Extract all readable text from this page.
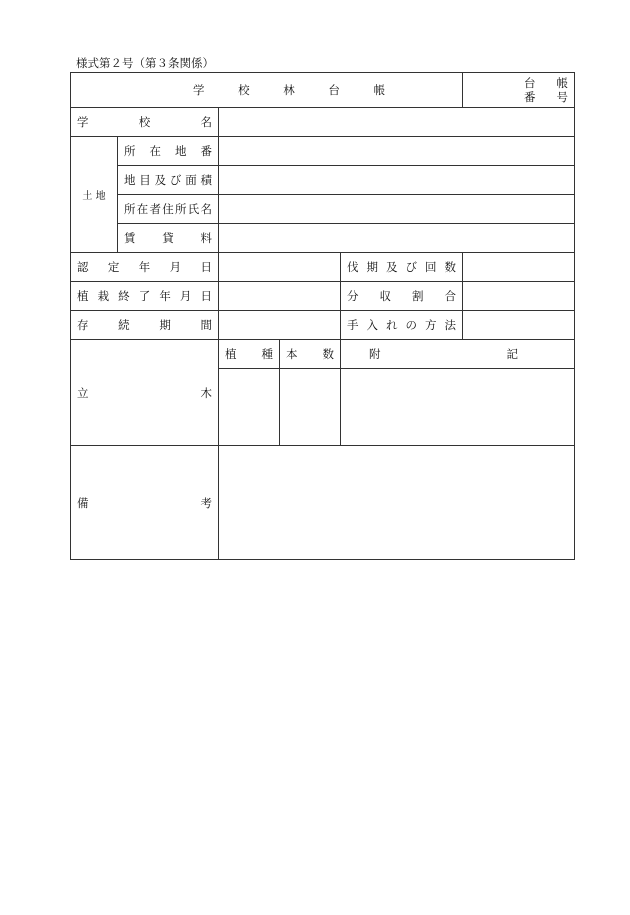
様式第２号（第３条関係）
学 校 林 台 帳					台　帳
番　号
学　　校　　名					
土 地	所 在 地 番				
	地目及び面積				
	所在者住所氏名				
	賃　貸　料				
認 定 年 月 日				伐期及び回数	
植栽終了年月日				分 収 割 合	
存 続 期 間				手入れの方法	
立　　　　木		植　種	本　数	附　　　　記	

備　　　　考					
